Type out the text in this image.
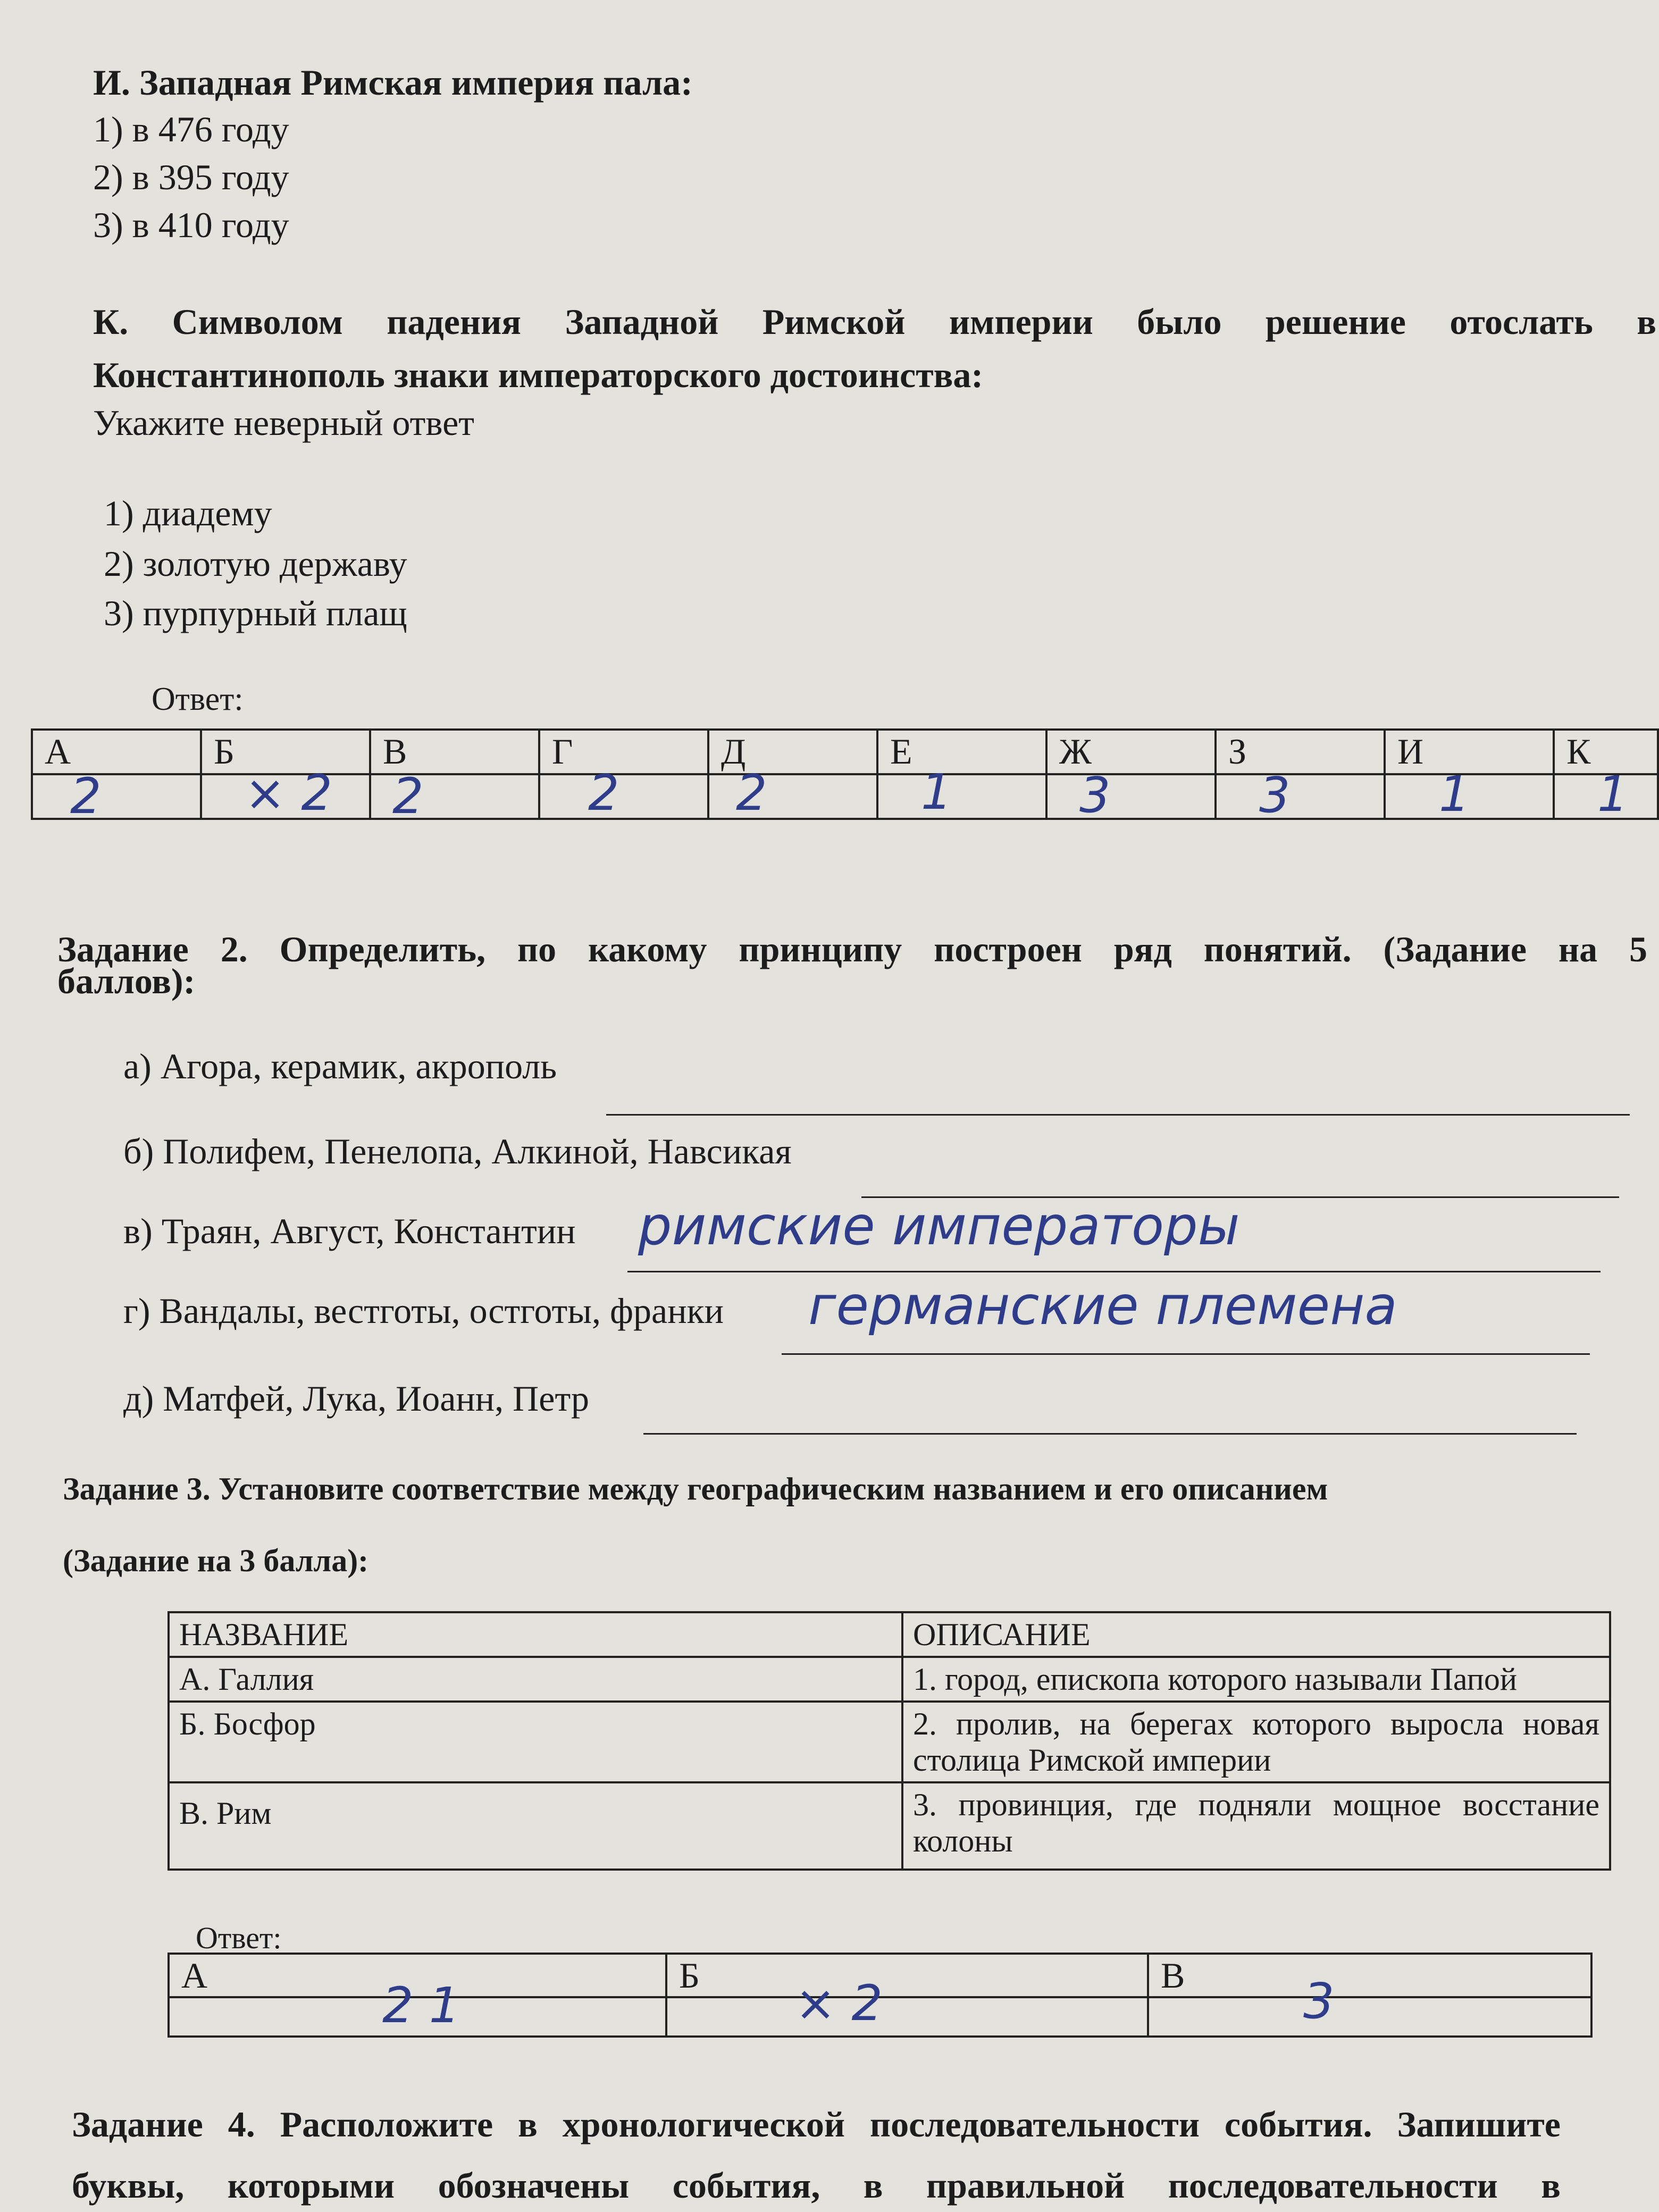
И. Западная Римская империя пала:
1) в 476 году
2) в 395 году
3) в 410 году
К. Символом падения Западной Римской империи было решение отослать в
Константинополь знаки императорского достоинства:
Укажите неверный ответ
1) диадему
2) золотую державу
3) пурпурный плащ
Ответ:
А	Б	В	Г	Д	Е	Ж	З	И	К

2	× 2	2	2	2	1	3	3	1	1
Задание 2. Определить, по какому принципу построен ряд понятий. (Задание на 5
баллов):
а) Агора, керамик, акрополь
б) Полифем, Пенелопа, Алкиной, Навсикая
в) Траян, Август, Константин римские императоры
г) Вандалы, вестготы, остготы, франки германские племена
д) Матфей, Лука, Иоанн, Петр
Задание 3. Установите соответствие между географическим названием и его описанием
(Задание на 3 балла):
НАЗВАНИЕ	ОПИСАНИЕ
А. Галлия	1. город, епископа которого называли Папой
Б. Босфор	2. пролив, на берегах которого выросла новая столица Римской империи
В. Рим	3. провинция, где подняли мощное восстание колоны
Ответ:
А	Б	В

2 1	× 2	3
Задание 4. Расположите в хронологической последовательности события. Запишите
буквы, которыми обозначены события, в правильной последовательности в
